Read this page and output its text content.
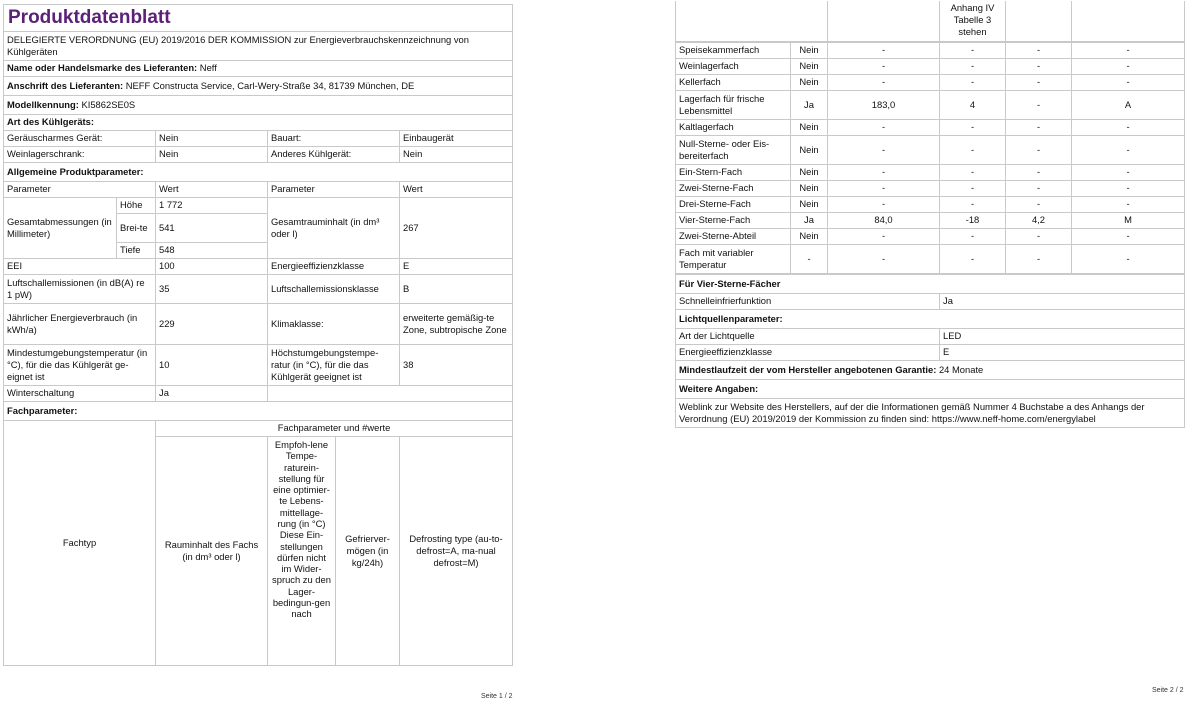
Produktdatenblatt					
DELEGIERTE VERORDNUNG (EU) 2019/2016 DER KOMMISSION zur Energieverbrauchskennzeichnung von Kühlgeräten					
Name oder Handelsmarke des Lieferanten: Neff					
Anschrift des Lieferanten: NEFF Constructa Service, Carl-Wery-Straße 34, 81739 München, DE					
Modellkennung: KI5862SE0S					
Art des Kühlgeräts:					
Geräuscharmes Gerät:		Nein	Bauart:		Einbaugerät
Weinlagerschrank:		Nein	Anderes Kühlgerät:		Nein
Allgemeine Produktparameter:					
Parameter		Wert	Parameter		Wert
Gesamtabmessungen (in Millimeter)	Höhe	1 772	Gesamtrauminhalt (in dm³ oder l)		267
	Brei-te	541			
	Tiefe	548			
EEI		100	Energieeffizienzklasse		E
Luftschallemissionen (in dB(A) re 1 pW)		35	Luftschallemissionsklasse		B
Jährlicher Energieverbrauch (in kWh/a)		229	Klimaklasse:		erweiterte gemäßig-te Zone, subtropische Zone
Mindestumgebungstemperatur (in °C), für die das Kühlgerät ge-eignet ist		10	Höchstumgebungstempe-ratur (in °C), für die das Kühlgerät geeignet ist		38
Winterschaltung		Ja			
Fachparameter:					
Fachtyp		Fachparameter und #werte			
		Rauminhalt des Fachs (in dm³ oder l)	Empfoh-lene Tempe-raturein-stellung für eine optimier-te Lebens-mittellage-rung (in °C) Diese Ein-stellungen dürfen nicht im Wider-spruch zu den Lager-bedingun-gen nach	Gefrierver-mögen (in kg/24h)	Defrosting type (au-to-defrost=A, ma-nual defrost=M)
Seite 1 / 2
		Anhang IV Tabelle 3 stehen		
Speisekammerfach	Nein	-	-	-	-
Weinlagerfach	Nein	-	-	-	-
Kellerfach	Nein	-	-	-	-
Lagerfach für frische Lebensmittel	Ja	183,0	4	-	A
Kaltlagerfach	Nein	-	-	-	-
Null-Sterne- oder Eis-bereiterfach	Nein	-	-	-	-
Ein-Stern-Fach	Nein	-	-	-	-
Zwei-Sterne-Fach	Nein	-	-	-	-
Drei-Sterne-Fach	Nein	-	-	-	-
Vier-Sterne-Fach	Ja	84,0	-18	4,2	M
Zwei-Sterne-Abteil	Nein	-	-	-	-
Fach mit variabler Temperatur	-	-	-	-	-
Für Vier-Sterne-Fächer	
Schnelleinfrierfunktion	Ja
Lichtquellenparameter:	
Art der Lichtquelle	LED
Energieeffizienzklasse	E
Mindestlaufzeit der vom Hersteller angebotenen Garantie: 24 Monate	
Weitere Angaben:	
Weblink zur Website des Herstellers, auf der die Informationen gemäß Nummer 4 Buchstabe a des Anhangs der Verordnung (EU) 2019/2019 der Kommission zu finden sind: https://www.neff-home.com/energylabel	
Seite 2 / 2
